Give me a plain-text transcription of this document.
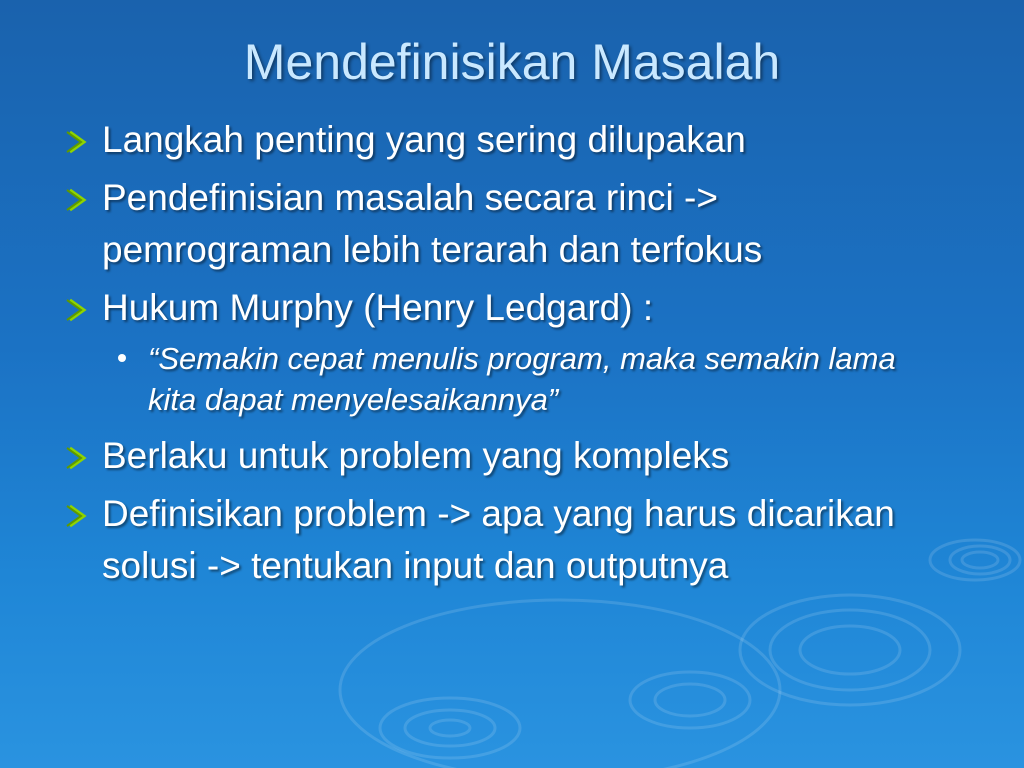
Mendefinisikan Masalah
Langkah penting yang sering dilupakan
Pendefinisian masalah secara rinci -> pemrograman lebih terarah dan terfokus
Hukum Murphy (Henry Ledgard) :
“Semakin cepat menulis program, maka semakin lama kita dapat menyelesaikannya”
Berlaku untuk problem yang kompleks
Definisikan problem -> apa yang harus dicarikan solusi -> tentukan input dan outputnya
